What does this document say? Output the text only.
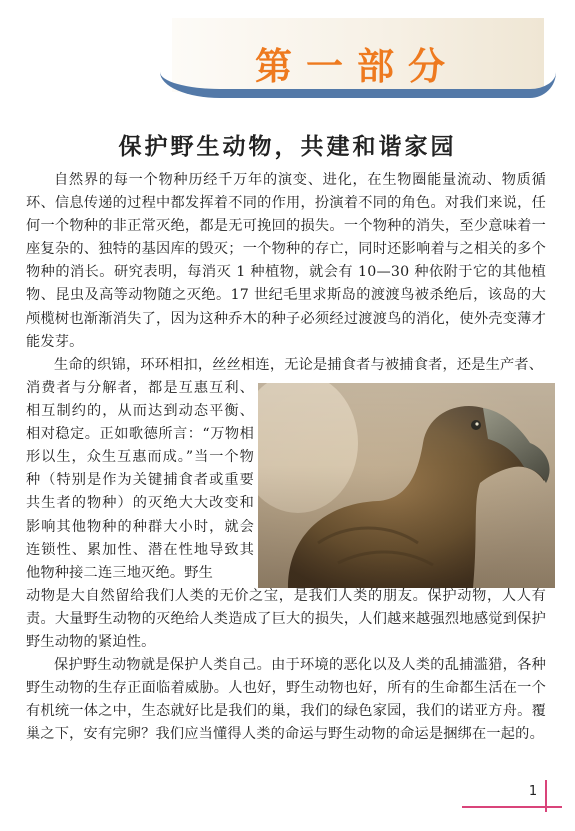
第一部分
保护野生动物，共建和谐家园

自然界的每一个物种历经千万年的演变、进化，在生物圈能量流动、物质循环、信息传递的过程中都发挥着不同的作用，扮演着不同的角色。对我们来说，任何一个物种的非正常灭绝，都是无可挽回的损失。一个物种的消失，至少意味着一座复杂的、独特的基因库的毁灭；一个物种的存亡，同时还影响着与之相关的多个物种的消长。研究表明，每消灭 1 种植物，就会有 10—30 种依附于它的其他植物、昆虫及高等动物随之灭绝。17 世纪毛里求斯岛的渡渡鸟被杀绝后，该岛的大颅榄树也渐渐消失了，因为这种乔木的种子必须经过渡渡鸟的消化，使外壳变薄才能发芽。

生命的织锦，环环相扣，丝丝相连，无论是捕食者与被捕食者，还是生产者、

消费者与分解者，都是互惠互利、相互制约的，从而达到动态平衡、相对稳定。正如歌德所言：“万物相形以生，众生互惠而成。”当一个物种（特别是作为关键捕食者或重要共生者的物种）的灭绝大大改变和影响其他物种的种群大小时，就会连锁性、累加性、潜在性地导致其他物种接二连三地灭绝。野生

动物是大自然留给我们人类的无价之宝，是我们人类的朋友。保护动物，人人有责。大量野生动物的灭绝给人类造成了巨大的损失，人们越来越强烈地感觉到保护野生动物的紧迫性。

保护野生动物就是保护人类自己。由于环境的恶化以及人类的乱捕滥猎，各种野生动物的生存正面临着威胁。人也好，野生动物也好，所有的生命都生活在一个有机统一体之中，生态就好比是我们的巢，我们的绿色家园，我们的诺亚方舟。覆巢之下，安有完卵？我们应当懂得人类的命运与野生动物的命运是捆绑在一起的。

1
